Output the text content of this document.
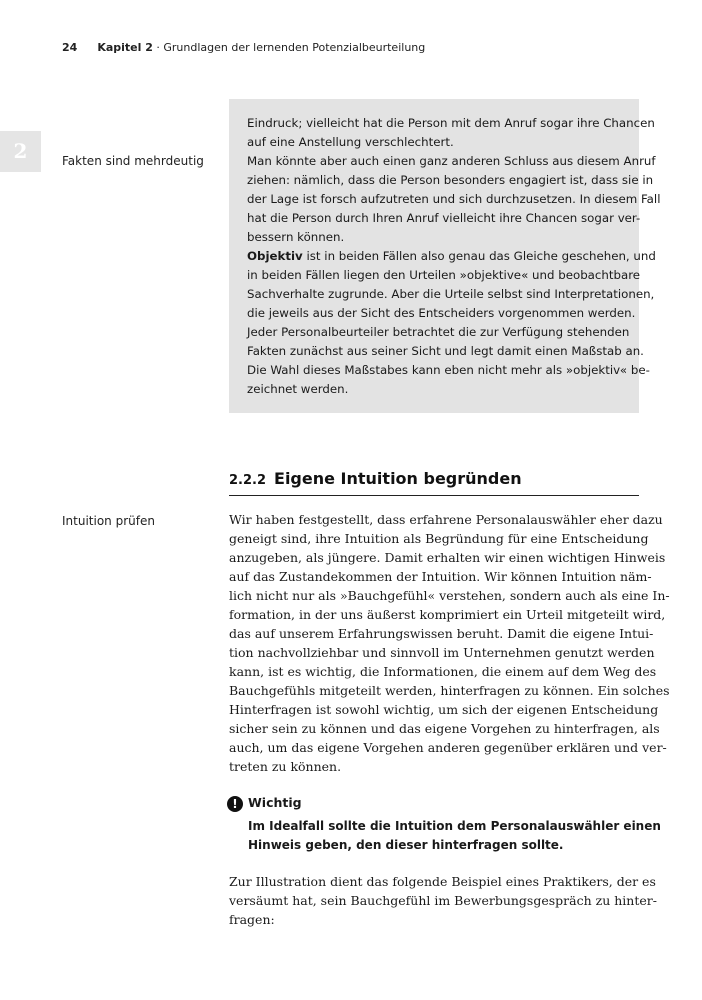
24 Kapitel 2 · Grundlagen der lernenden Potenzialbeurteilung
2	Fakten sind mehrdeutig

Eindruck; vielleicht hat die Person mit dem Anruf sogar ihre Chancen
auf eine Anstellung verschlechtert.

Man könnte aber auch einen ganz anderen Schluss aus diesem Anruf
ziehen: nämlich, dass die Person besonders engagiert ist, dass sie in
der Lage ist forsch aufzutreten und sich durchzusetzen. In diesem Fall
hat die Person durch Ihren Anruf vielleicht ihre Chancen sogar ver-
bessern können.

Objektiv ist in beiden Fällen also genau das Gleiche geschehen, und
in beiden Fällen liegen den Urteilen »objektive« und beobachtbare
Sachverhalte zugrunde. Aber die Urteile selbst sind Interpretationen,
die jeweils aus der Sicht des Entscheiders vorgenommen werden.
Jeder Personalbeurteiler betrachtet die zur Verfügung stehenden
Fakten zunächst aus seiner Sicht und legt damit einen Maßstab an.
Die Wahl dieses Maßstabes kann eben nicht mehr als »objektiv« be-
zeichnet werden.

2.2.2 Eigene Intuition begründen
Intuition prüfen	Wir haben festgestellt, dass erfahrene Personalauswähler eher dazu
geneigt sind, ihre Intuition als Begründung für eine Entscheidung
anzugeben, als jüngere. Damit erhalten wir einen wichtigen Hinweis
auf das Zustandekommen der Intuition. Wir können Intuition näm-
lich nicht nur als »Bauchgefühl« verstehen, sondern auch als eine In-
formation, in der uns äußerst komprimiert ein Urteil mitgeteilt wird,
das auf unserem Erfahrungswissen beruht. Damit die eigene Intui-
tion nachvollziehbar und sinnvoll im Unternehmen genutzt werden
kann, ist es wichtig, die Informationen, die einem auf dem Weg des
Bauchgefühls mitgeteilt werden, hinterfragen zu können. Ein solches
Hinterfragen ist sowohl wichtig, um sich der eigenen Entscheidung
sicher sein zu können und das eigene Vorgehen zu hinterfragen, als
auch, um das eigene Vorgehen anderen gegenüber erklären und ver-
treten zu können.

! Wichtig
Im Idealfall sollte die Intuition dem Personalauswähler einen
Hinweis geben, den dieser hinterfragen sollte.

Zur Illustration dient das folgende Beispiel eines Praktikers, der es
versäumt hat, sein Bauchgefühl im Bewerbungsgespräch zu hinter-
fragen:
